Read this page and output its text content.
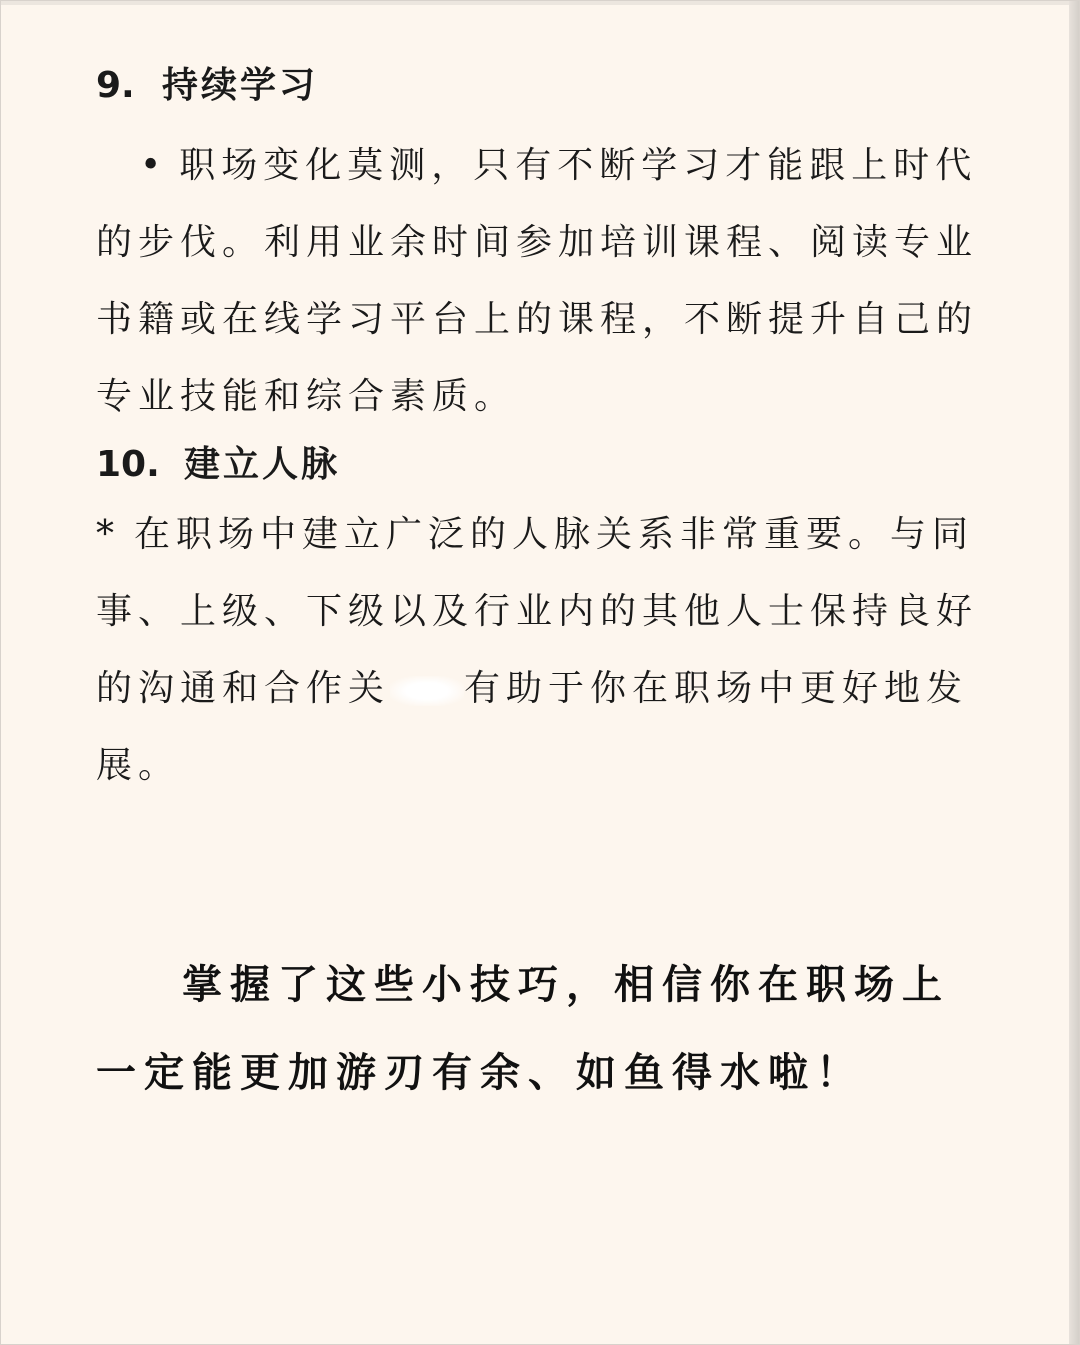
9. 持续学习
• 职场变化莫测，只有不断学习才能跟上时代
的步伐。利用业余时间参加培训课程、阅读专业
书籍或在线学习平台上的课程，不断提升自己的
专业技能和综合素质。
10. 建立人脉
* 在职场中建立广泛的人脉关系非常重要。与同
事、上级、下级以及行业内的其他人士保持良好
的沟通和合作关 有助于你在职场中更好地发
展。
掌握了这些小技巧，相信你在职场上
一定能更加游刃有余、如鱼得水啦！
